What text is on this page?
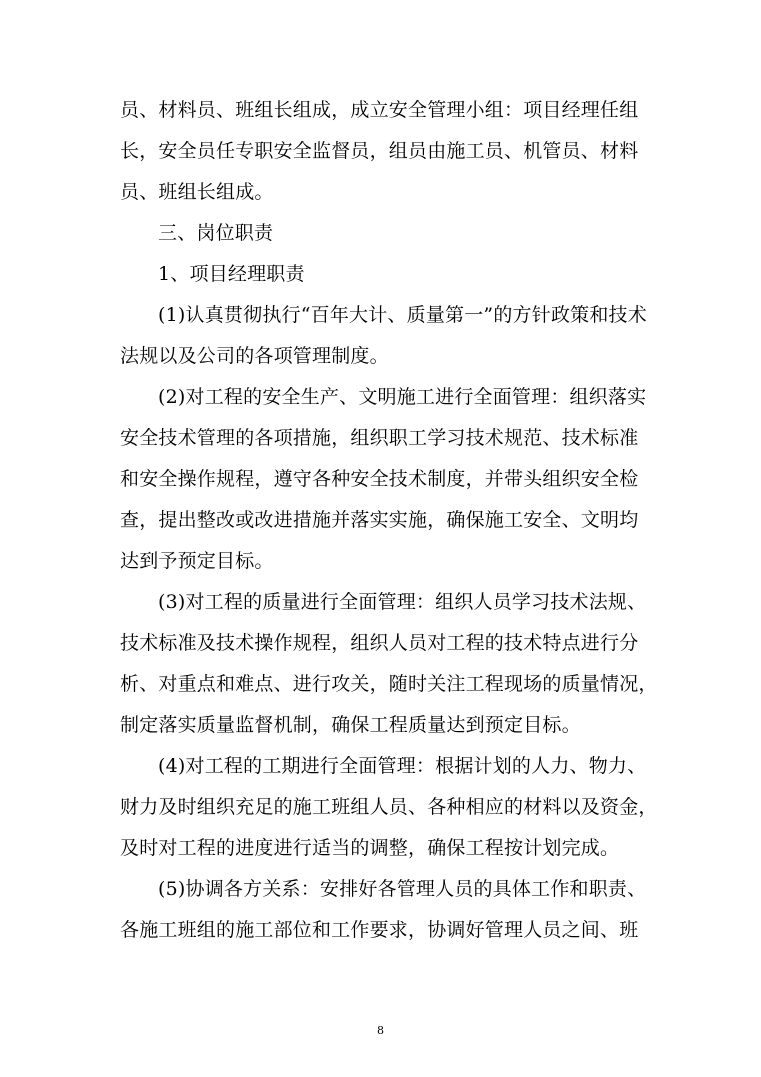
员、材料员、班组长组成，成立安全管理小组：项目经理任组
长，安全员任专职安全监督员，组员由施工员、机管员、材料
员、班组长组成。

三、岗位职责

1、项目经理职责

(1)认真贯彻执行“百年大计、质量第一”的方针政策和技术
法规以及公司的各项管理制度。

(2)对工程的安全生产、文明施工进行全面管理：组织落实
安全技术管理的各项措施，组织职工学习技术规范、技术标准
和安全操作规程，遵守各种安全技术制度，并带头组织安全检
查，提出整改或改进措施并落实实施，确保施工安全、文明均
达到予预定目标。

(3)对工程的质量进行全面管理：组织人员学习技术法规、
技术标准及技术操作规程，组织人员对工程的技术特点进行分
析、对重点和难点、进行攻关，随时关注工程现场的质量情况，
制定落实质量监督机制，确保工程质量达到预定目标。

(4)对工程的工期进行全面管理：根据计划的人力、物力、
财力及时组织充足的施工班组人员、各种相应的材料以及资金，
及时对工程的进度进行适当的调整，确保工程按计划完成。

(5)协调各方关系：安排好各管理人员的具体工作和职责、
各施工班组的施工部位和工作要求，协调好管理人员之间、班

8
